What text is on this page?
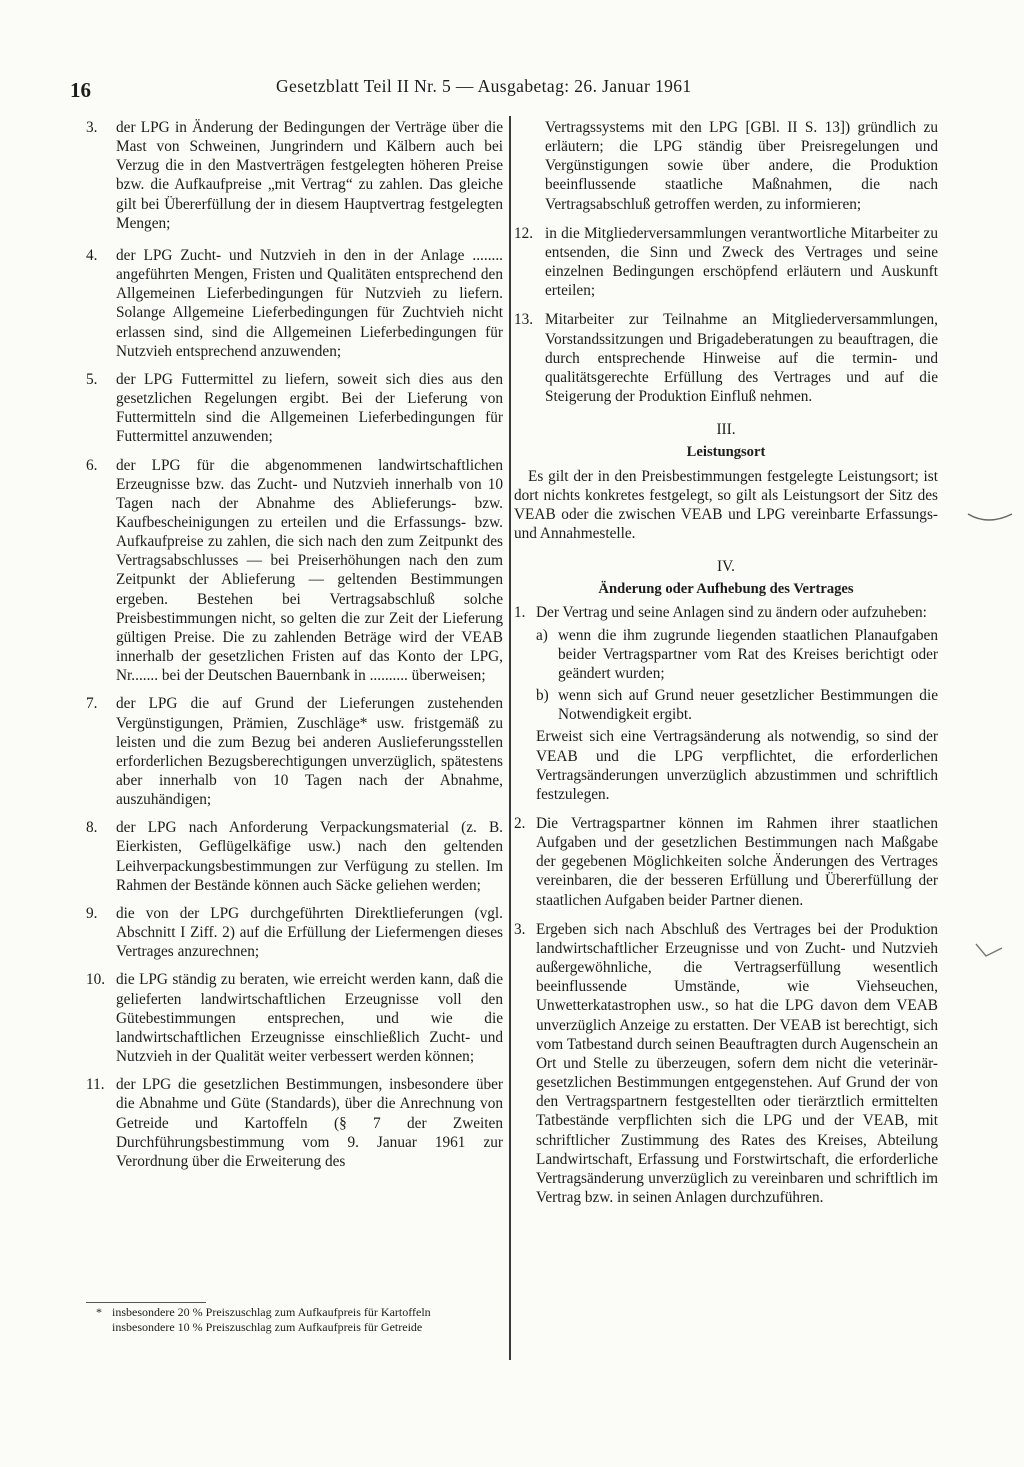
16	Gesetzblatt Teil II Nr. 5 — Ausgabetag: 26. Januar 1961
3. der LPG in Änderung der Bedingungen der Verträge über die Mast von Schweinen, Jungrindern und Kälbern auch bei Verzug die in den Mastverträgen festgelegten höheren Preise bzw. die Aufkaufpreise „mit Vertrag“ zu zahlen. Das gleiche gilt bei Übererfüllung der in diesem Hauptvertrag festgelegten Mengen;
4. der LPG Zucht- und Nutzvieh in den in der Anlage ........ angeführten Mengen, Fristen und Qualitäten entsprechend den Allgemeinen Lieferbedingungen für Nutzvieh zu liefern. Solange Allgemeine Lieferbedingungen für Zuchtvieh nicht erlassen sind, sind die Allgemeinen Lieferbedingungen für Nutzvieh entsprechend anzuwenden;
5. der LPG Futtermittel zu liefern, soweit sich dies aus den gesetzlichen Regelungen ergibt. Bei der Lieferung von Futtermitteln sind die Allgemeinen Lieferbedingungen für Futtermittel anzuwenden;
6. der LPG für die abgenommenen landwirtschaftlichen Erzeugnisse bzw. das Zucht- und Nutzvieh innerhalb von 10 Tagen nach der Abnahme des Ablieferungs- bzw. Kaufbescheinigungen zu erteilen und die Erfassungs- bzw. Aufkaufpreise zu zahlen, die sich nach den zum Zeitpunkt des Vertragsabschlusses — bei Preiserhöhungen nach den zum Zeitpunkt der Ablieferung — geltenden Bestimmungen ergeben. Bestehen bei Vertragsabschluß solche Preisbestimmungen nicht, so gelten die zur Zeit der Lieferung gültigen Preise. Die zu zahlenden Beträge wird der VEAB innerhalb der gesetzlichen Fristen auf das Konto der LPG, Nr....... bei der Deutschen Bauernbank in .......... überweisen;
7. der LPG die auf Grund der Lieferungen zustehenden Vergünstigungen, Prämien, Zuschläge* usw. fristgemäß zu leisten und die zum Bezug bei anderen Auslieferungsstellen erforderlichen Bezugsberechtigungen unverzüglich, spätestens aber innerhalb von 10 Tagen nach der Abnahme, auszuhändigen;
8. der LPG nach Anforderung Verpackungsmaterial (z. B. Eierkisten, Geflügelkäfige usw.) nach den geltenden Leihverpackungsbestimmungen zur Verfügung zu stellen. Im Rahmen der Bestände können auch Säcke geliehen werden;
9. die von der LPG durchgeführten Direktlieferungen (vgl. Abschnitt I Ziff. 2) auf die Erfüllung der Liefermengen dieses Vertrages anzurechnen;
10. die LPG ständig zu beraten, wie erreicht werden kann, daß die gelieferten landwirtschaftlichen Erzeugnisse voll den Gütebestimmungen entsprechen, und wie die landwirtschaftlichen Erzeugnisse einschließlich Zucht- und Nutzvieh in der Qualität weiter verbessert werden können;
11. der LPG die gesetzlichen Bestimmungen, insbesondere über die Abnahme und Güte (Standards), über die Anrechnung von Getreide und Kartoffeln (§ 7 der Zweiten Durchführungsbestimmung vom 9. Januar 1961 zur Verordnung über die Erweiterung des
* insbesondere 20 % Preiszuschlag zum Aufkaufpreis für Kartoffeln
insbesondere 10 % Preiszuschlag zum Aufkaufpreis für Getreide
Vertragssystems mit den LPG [GBl. II S. 13]) gründlich zu erläutern; die LPG ständig über Preisregelungen und Vergünstigungen sowie über andere, die Produktion beeinflussende staatliche Maßnahmen, die nach Vertragsabschluß getroffen werden, zu informieren;
12. in die Mitgliederversammlungen verantwortliche Mitarbeiter zu entsenden, die Sinn und Zweck des Vertrages und seine einzelnen Bedingungen erschöpfend erläutern und Auskunft erteilen;
13. Mitarbeiter zur Teilnahme an Mitgliederversammlungen, Vorstandssitzungen und Brigadeberatungen zu beauftragen, die durch entsprechende Hinweise auf die termin- und qualitätsgerechte Erfüllung des Vertrages und auf die Steigerung der Produktion Einfluß nehmen.
III.
Leistungsort
Es gilt der in den Preisbestimmungen festgelegte Leistungsort; ist dort nichts konkretes festgelegt, so gilt als Leistungsort der Sitz des VEAB oder die zwischen VEAB und LPG vereinbarte Erfassungs- und Annahmestelle.
IV.
Änderung oder Aufhebung des Vertrages
1. Der Vertrag und seine Anlagen sind zu ändern oder aufzuheben:
a) wenn die ihm zugrunde liegenden staatlichen Planaufgaben beider Vertragspartner vom Rat des Kreises berichtigt oder geändert wurden;
b) wenn sich auf Grund neuer gesetzlicher Bestimmungen die Notwendigkeit ergibt.
Erweist sich eine Vertragsänderung als notwendig, so sind der VEAB und die LPG verpflichtet, die erforderlichen Vertragsänderungen unverzüglich abzustimmen und schriftlich festzulegen.
2. Die Vertragspartner können im Rahmen ihrer staatlichen Aufgaben und der gesetzlichen Bestimmungen nach Maßgabe der gegebenen Möglichkeiten solche Änderungen des Vertrages vereinbaren, die der besseren Erfüllung und Übererfüllung der staatlichen Aufgaben beider Partner dienen.
3. Ergeben sich nach Abschluß des Vertrages bei der Produktion landwirtschaftlicher Erzeugnisse und von Zucht- und Nutzvieh außergewöhnliche, die Vertragserfüllung wesentlich beeinflussende Umstände, wie Viehseuchen, Unwetterkatastrophen usw., so hat die LPG davon dem VEAB unverzüglich Anzeige zu erstatten. Der VEAB ist berechtigt, sich vom Tatbestand durch seinen Beauftragten durch Augenschein an Ort und Stelle zu überzeugen, sofern dem nicht die veterinär-gesetzlichen Bestimmungen entgegenstehen. Auf Grund der von den Vertragspartnern festgestellten oder tierärztlich ermittelten Tatbestände verpflichten sich die LPG und der VEAB, mit schriftlicher Zustimmung des Rates des Kreises, Abteilung Landwirtschaft, Erfassung und Forstwirtschaft, die erforderliche Vertragsänderung unverzüglich zu vereinbaren und schriftlich im Vertrag bzw. in seinen Anlagen durchzuführen.
